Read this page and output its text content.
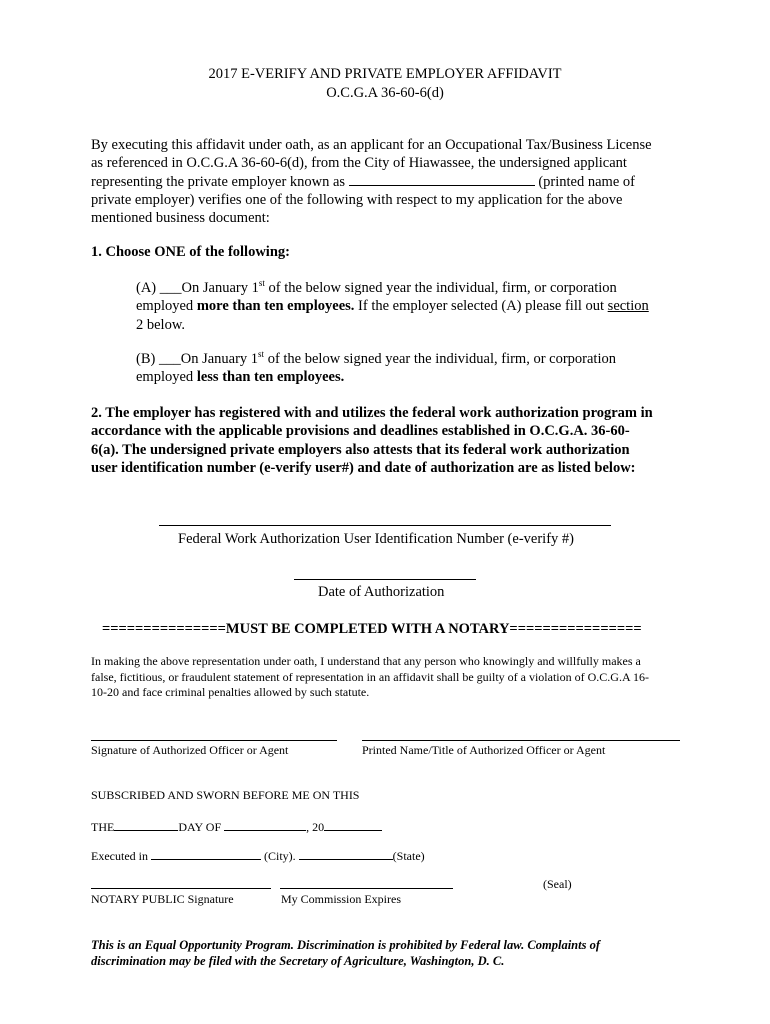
2017 E-VERIFY AND PRIVATE EMPLOYER AFFIDAVIT
O.C.G.A 36-60-6(d)
By executing this affidavit under oath, as an applicant for an Occupational Tax/Business License
as referenced in O.C.G.A 36-60-6(d), from the City of Hiawassee, the undersigned applicant
representing the private employer known as	(printed name of
private employer) verifies one of the following with respect to my application for the above
mentioned business document:
1. Choose ONE of the following:
(A) ___On January 1st of the below signed year the individual, firm, or corporation
employed more than ten employees. If the employer selected (A) please fill out section
2 below.
(B) ___On January 1st of the below signed year the individual, firm, or corporation
employed less than ten employees.
2. The employer has registered with and utilizes the federal work authorization program in
accordance with the applicable provisions and deadlines established in O.C.G.A. 36-60-
6(a). The undersigned private employers also attests that its federal work authorization
user identification number (e-verify user#) and date of authorization are as listed below:
Federal Work Authorization User Identification Number (e-verify #)
Date of Authorization
===============MUST BE COMPLETED WITH A NOTARY================
In making the above representation under oath, I understand that any person who knowingly and willfully makes a
false, fictitious, or fraudulent statement of representation in an affidavit shall be guilty of a violation of O.C.G.A 16-
10-20 and face criminal penalties allowed by such statute.
Signature of Authorized Officer or Agent	Printed Name/Title of Authorized Officer or Agent
SUBSCRIBED AND SWORN BEFORE ME ON THIS
THE	DAY OF	, 20
Executed in	(City).	(State)
(Seal)
NOTARY PUBLIC Signature	My Commission Expires
This is an Equal Opportunity Program. Discrimination is prohibited by Federal law. Complaints of
discrimination may be filed with the Secretary of Agriculture, Washington, D. C.
